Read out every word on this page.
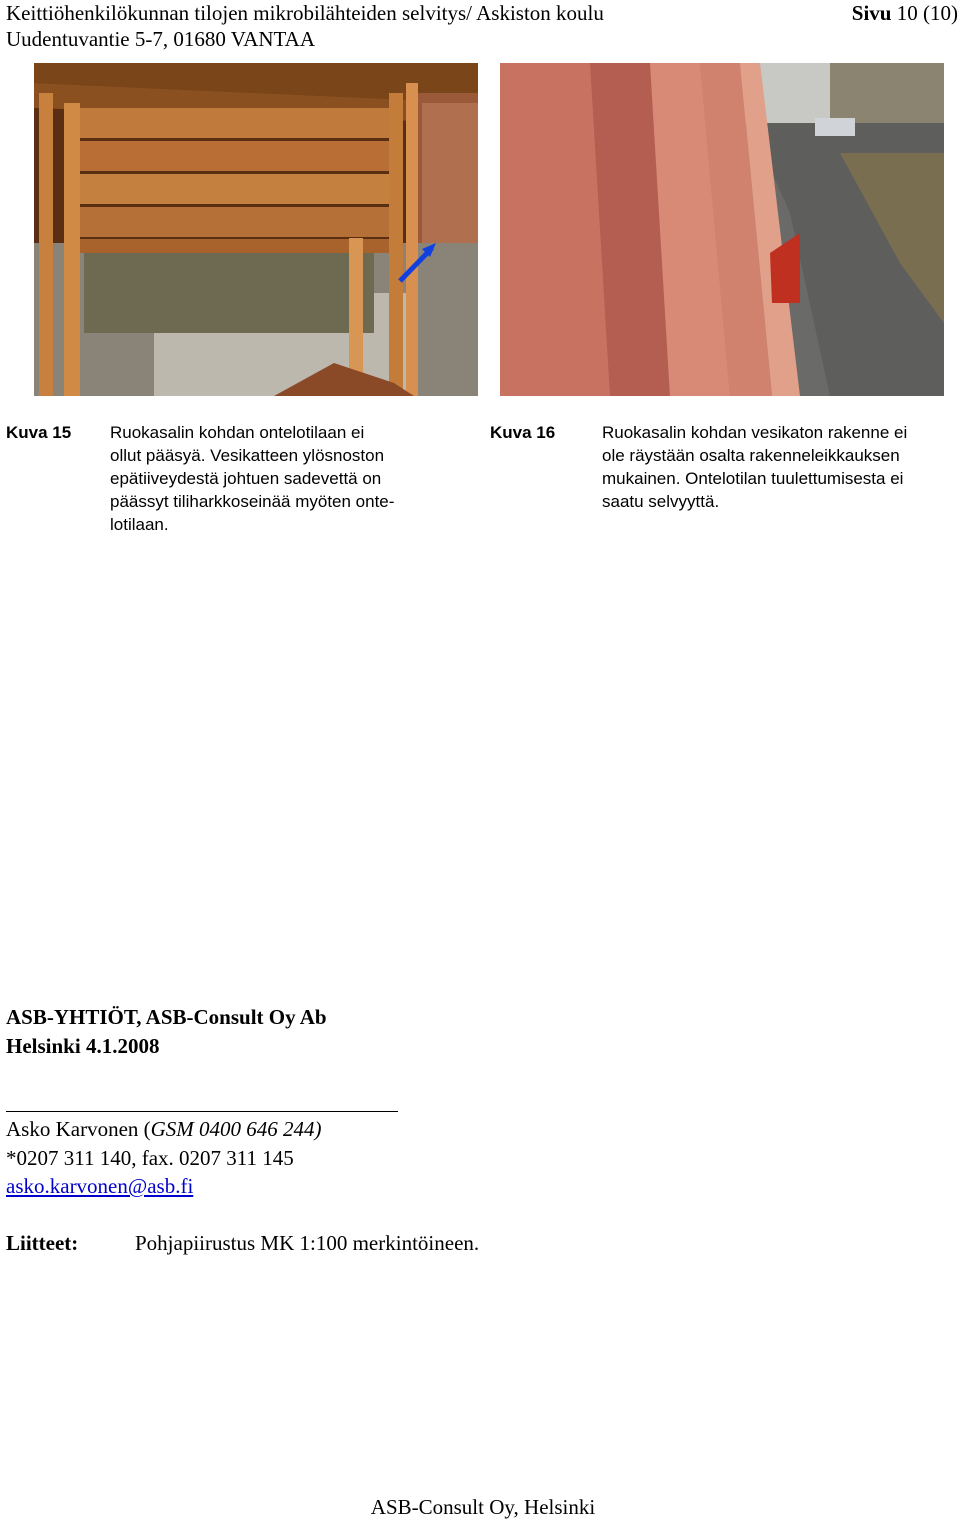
Keittiöhenkilökunnan tilojen mikrobilähteiden selvitys/ Askiston koulu
Uudentuvantie 5-7, 01680 VANTAA
Sivu 10 (10)
Kuva 15 Ruokasalin kohdan ontelotilaan ei
ollut pääsyä. Vesikatteen ylösnoston
epätiiveydestä johtuen sadevettä on
päässyt tiliharkkoseinää myöten onte-
lotilaan.
Kuva 16	Ruokasalin kohdan vesikaton rakenne ei
ole räystään osalta rakenneleikkauksen
mukainen. Ontelotilan tuulettumisesta ei
saatu selvyyttä.
ASB-YHTIÖT, ASB-Consult Oy Ab
Helsinki 4.1.2008
Asko Karvonen (GSM 0400 646 244)
*0207 311 140, fax. 0207 311 145
asko.karvonen@asb.fi
Liitteet:	Pohjapiirustus MK 1:100 merkintöineen.
ASB-Consult Oy, Helsinki
